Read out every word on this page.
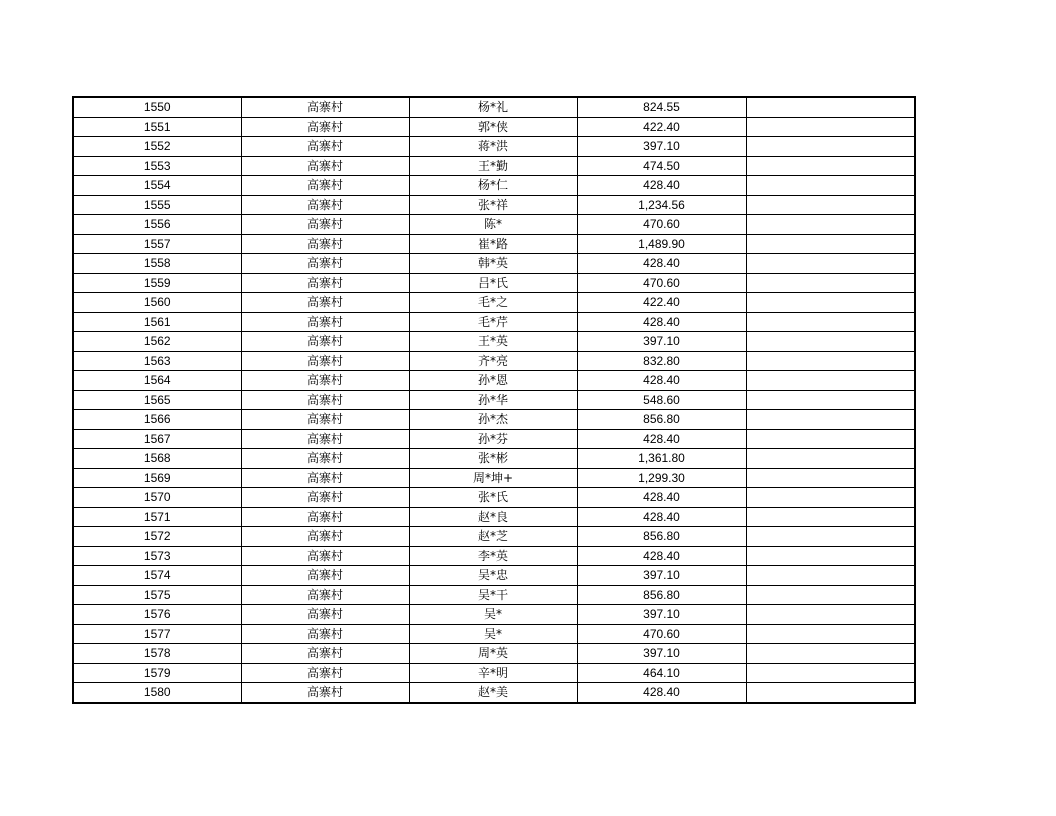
1550	高寨村	杨*礼	824.55	
1551	高寨村	郭*侠	422.40	
1552	高寨村	蒋*洪	397.10	
1553	高寨村	王*勤	474.50	
1554	高寨村	杨*仁	428.40	
1555	高寨村	张*祥	1,234.56	
1556	高寨村	陈*	470.60	
1557	高寨村	崔*路	1,489.90	
1558	高寨村	韩*英	428.40	
1559	高寨村	吕*氏	470.60	
1560	高寨村	毛*之	422.40	
1561	高寨村	毛*芹	428.40	
1562	高寨村	王*英	397.10	
1563	高寨村	齐*亮	832.80	
1564	高寨村	孙*恩	428.40	
1565	高寨村	孙*华	548.60	
1566	高寨村	孙*杰	856.80	
1567	高寨村	孙*芬	428.40	
1568	高寨村	张*彬	1,361.80	
1569	高寨村	周*坤+	1,299.30	
1570	高寨村	张*氏	428.40	
1571	高寨村	赵*良	428.40	
1572	高寨村	赵*芝	856.80	
1573	高寨村	李*英	428.40	
1574	高寨村	吴*忠	397.10	
1575	高寨村	吴*干	856.80	
1576	高寨村	吴*	397.10	
1577	高寨村	吴*	470.60	
1578	高寨村	周*英	397.10	
1579	高寨村	辛*明	464.10	
1580	高寨村	赵*美	428.40	
